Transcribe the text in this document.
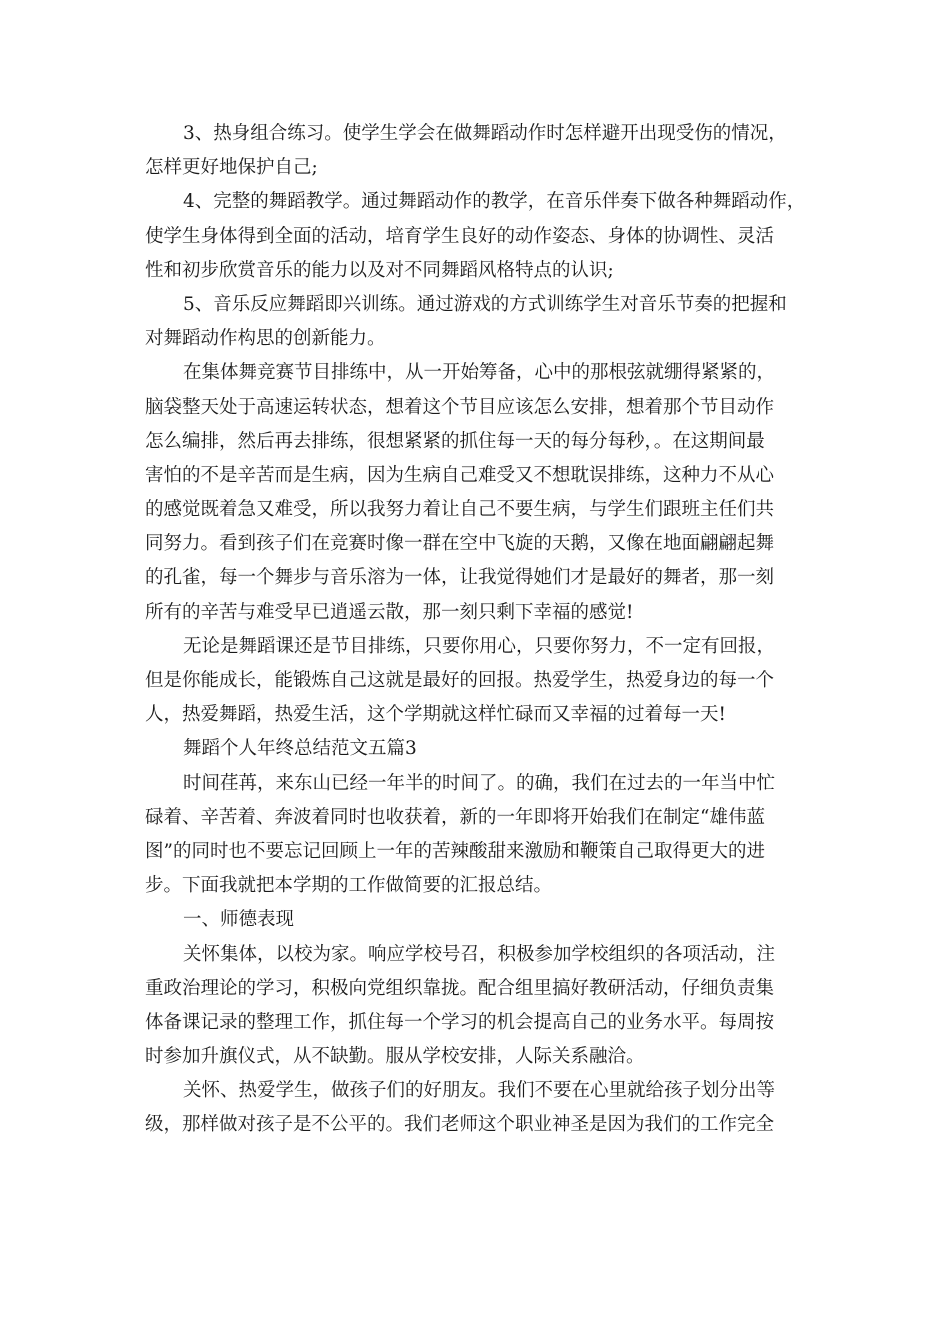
3、热身组合练习。使学生学会在做舞蹈动作时怎样避开出现受伤的情况，
怎样更好地保护自己;
4、完整的舞蹈教学。通过舞蹈动作的教学，在音乐伴奏下做各种舞蹈动作，
使学生身体得到全面的活动，培育学生良好的动作姿态、身体的协调性、灵活
性和初步欣赏音乐的能力以及对不同舞蹈风格特点的认识;
5、音乐反应舞蹈即兴训练。通过游戏的方式训练学生对音乐节奏的把握和
对舞蹈动作构思的创新能力。
在集体舞竞赛节目排练中，从一开始筹备，心中的那根弦就绷得紧紧的，
脑袋整天处于高速运转状态，想着这个节目应该怎么安排，想着那个节目动作
怎么编排，然后再去排练，很想紧紧的抓住每一天的每分每秒，。在这期间最
害怕的不是辛苦而是生病，因为生病自己难受又不想耽误排练，这种力不从心
的感觉既着急又难受，所以我努力着让自己不要生病，与学生们跟班主任们共
同努力。看到孩子们在竞赛时像一群在空中飞旋的天鹅，又像在地面翩翩起舞
的孔雀，每一个舞步与音乐溶为一体，让我觉得她们才是最好的舞者，那一刻
所有的辛苦与难受早已逍遥云散，那一刻只剩下幸福的感觉!
无论是舞蹈课还是节目排练，只要你用心，只要你努力，不一定有回报，
但是你能成长，能锻炼自己这就是最好的回报。热爱学生，热爱身边的每一个
人，热爱舞蹈，热爱生活，这个学期就这样忙碌而又幸福的过着每一天!
舞蹈个人年终总结范文五篇3
时间荏苒，来东山已经一年半的时间了。的确，我们在过去的一年当中忙
碌着、辛苦着、奔波着同时也收获着，新的一年即将开始我们在制定“雄伟蓝
图”的同时也不要忘记回顾上一年的苦辣酸甜来激励和鞭策自己取得更大的进
步。下面我就把本学期的工作做简要的汇报总结。
一、师德表现
关怀集体，以校为家。响应学校号召，积极参加学校组织的各项活动，注
重政治理论的学习，积极向党组织靠拢。配合组里搞好教研活动，仔细负责集
体备课记录的整理工作，抓住每一个学习的机会提高自己的业务水平。每周按
时参加升旗仪式，从不缺勤。服从学校安排，人际关系融洽。
关怀、热爱学生，做孩子们的好朋友。我们不要在心里就给孩子划分出等
级，那样做对孩子是不公平的。我们老师这个职业神圣是因为我们的工作完全
